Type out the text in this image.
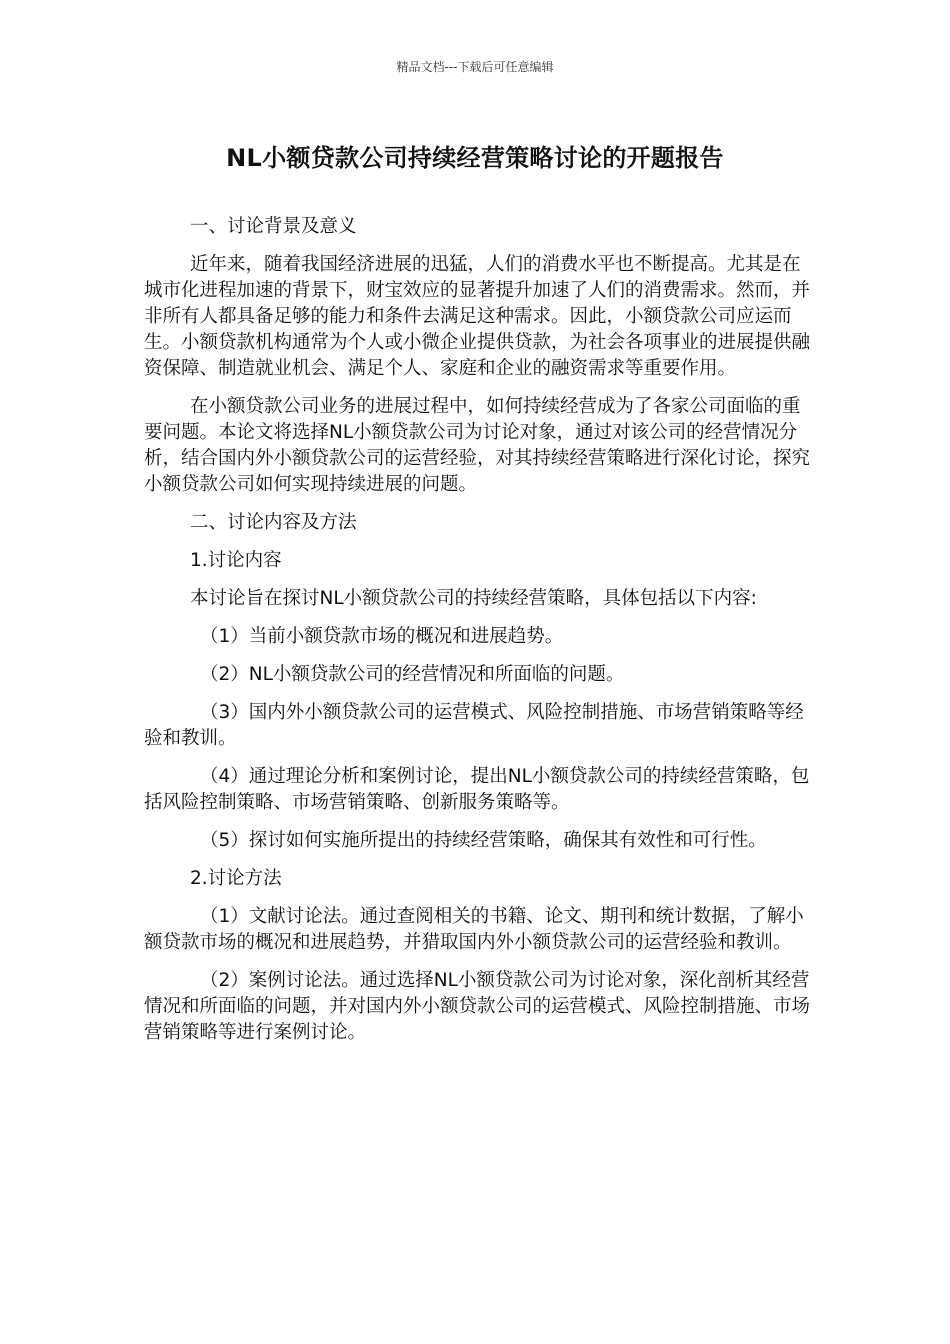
精品文档---下载后可任意编辑
NL小额贷款公司持续经营策略讨论的开题报告

一、讨论背景及意义

近年来，随着我国经济进展的迅猛，人们的消费水平也不断提高。尤其是在城市化进程加速的背景下，财宝效应的显著提升加速了人们的消费需求。然而，并非所有人都具备足够的能力和条件去满足这种需求。因此，小额贷款公司应运而生。小额贷款机构通常为个人或小微企业提供贷款，为社会各项事业的进展提供融资保障、制造就业机会、满足个人、家庭和企业的融资需求等重要作用。

在小额贷款公司业务的进展过程中，如何持续经营成为了各家公司面临的重要问题。本论文将选择NL小额贷款公司为讨论对象，通过对该公司的经营情况分析，结合国内外小额贷款公司的运营经验，对其持续经营策略进行深化讨论，探究小额贷款公司如何实现持续进展的问题。

二、讨论内容及方法

1.讨论内容

本讨论旨在探讨NL小额贷款公司的持续经营策略，具体包括以下内容:

（1）当前小额贷款市场的概况和进展趋势。

（2）NL小额贷款公司的经营情况和所面临的问题。

（3）国内外小额贷款公司的运营模式、风险控制措施、市场营销策略等经验和教训。

（4）通过理论分析和案例讨论，提出NL小额贷款公司的持续经营策略，包括风险控制策略、市场营销策略、创新服务策略等。

（5）探讨如何实施所提出的持续经营策略，确保其有效性和可行性。

2.讨论方法

（1）文献讨论法。通过查阅相关的书籍、论文、期刊和统计数据，了解小额贷款市场的概况和进展趋势，并猎取国内外小额贷款公司的运营经验和教训。

（2）案例讨论法。通过选择NL小额贷款公司为讨论对象，深化剖析其经营情况和所面临的问题，并对国内外小额贷款公司的运营模式、风险控制措施、市场营销策略等进行案例讨论。
